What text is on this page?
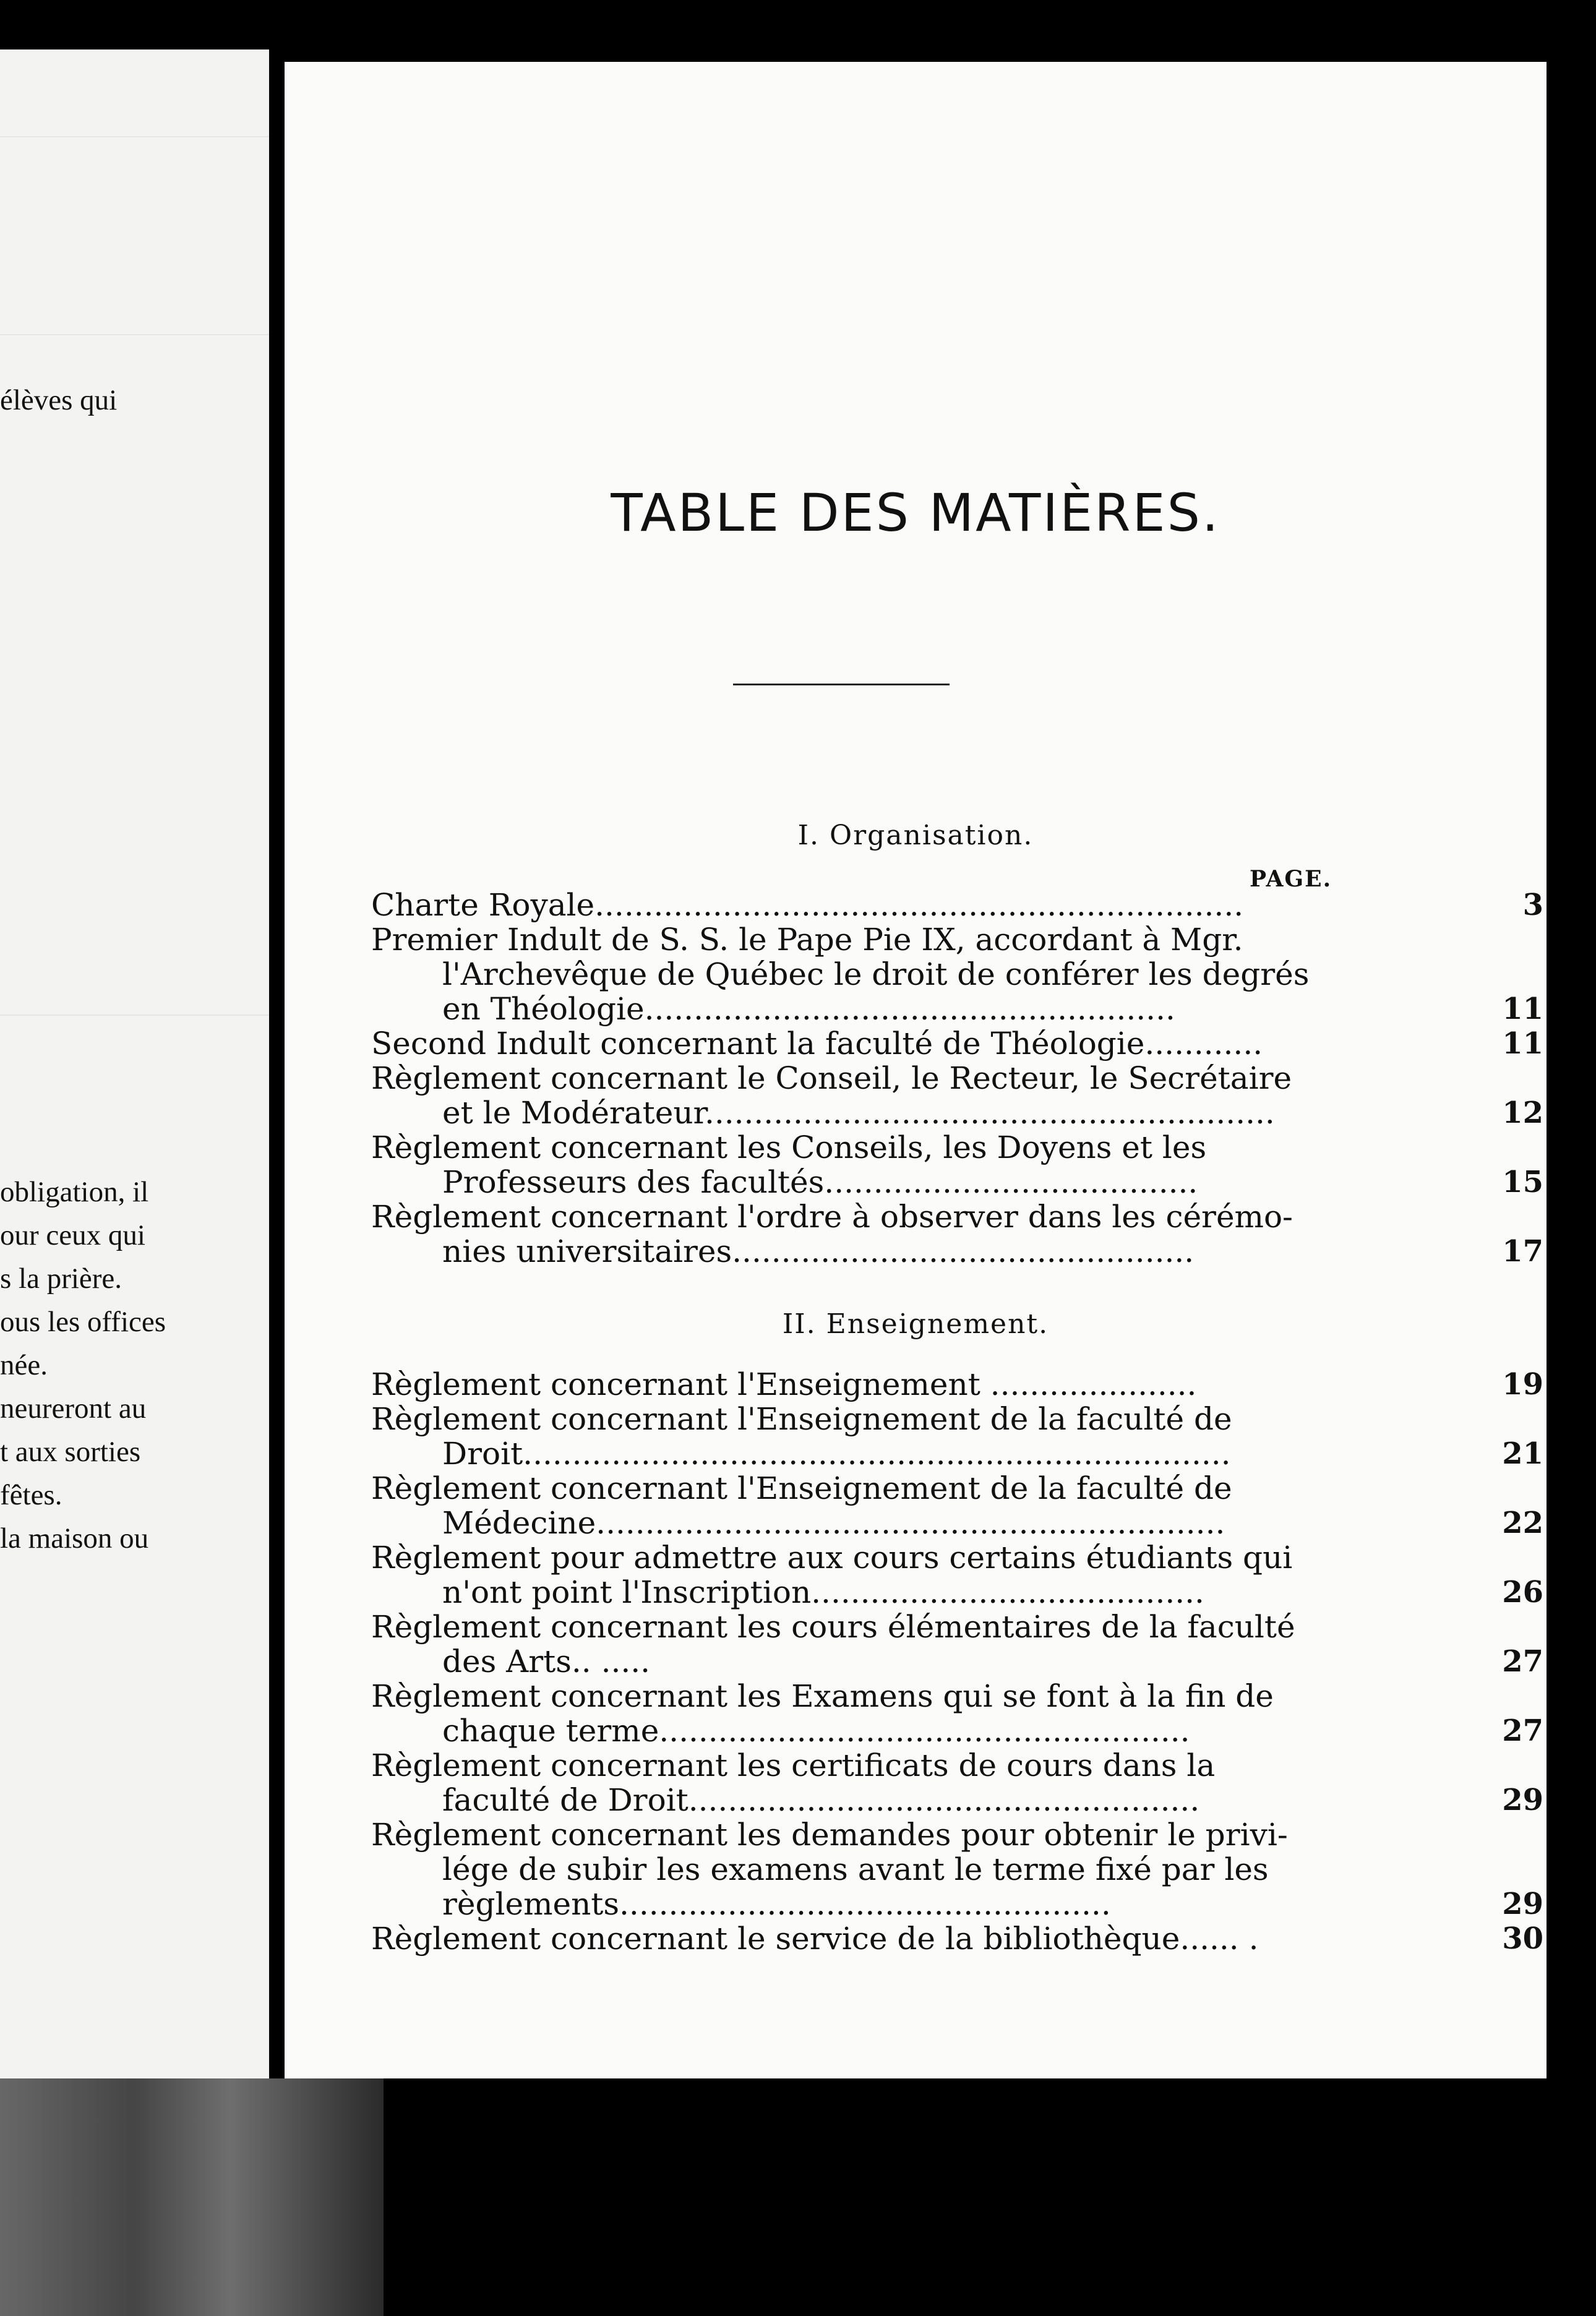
élèves qui
obligation, il
our ceux qui
s la prière.
ous les offices
née.
neureront au
t aux sorties
fêtes.
la maison ou
TABLE DES MATIÈRES.
I. Organisation.
PAGE.
Charte Royale..................................................................	3
Premier Indult de S. S. le Pape Pie IX, accordant à Mgr.
l'Archevêque de Québec le droit de conférer les degrés
en Théologie......................................................	11
Second Indult concernant la faculté de Théologie............	11
Règlement concernant le Conseil, le Recteur, le Secrétaire
et le Modérateur..........................................................	12
Règlement concernant les Conseils, les Doyens et les
Professeurs des facultés......................................	15
Règlement concernant l'ordre à observer dans les cérémo-
nies universitaires...............................................	17
II. Enseignement.
Règlement concernant l'Enseignement .....................	19
Règlement concernant l'Enseignement de la faculté de
Droit........................................................................	21
Règlement concernant l'Enseignement de la faculté de
Médecine................................................................	22
Règlement pour admettre aux cours certains étudiants qui
n'ont point l'Inscription........................................	26
Règlement concernant les cours élémentaires de la faculté
des Arts.. .....	27
Règlement concernant les Examens qui se font à la fin de
chaque terme......................................................	27
Règlement concernant les certificats de cours dans la
faculté de Droit....................................................	29
Règlement concernant les demandes pour obtenir le privi-
lége de subir les examens avant le terme fixé par les
règlements..................................................	29
Règlement concernant le service de la bibliothèque...... .	30
